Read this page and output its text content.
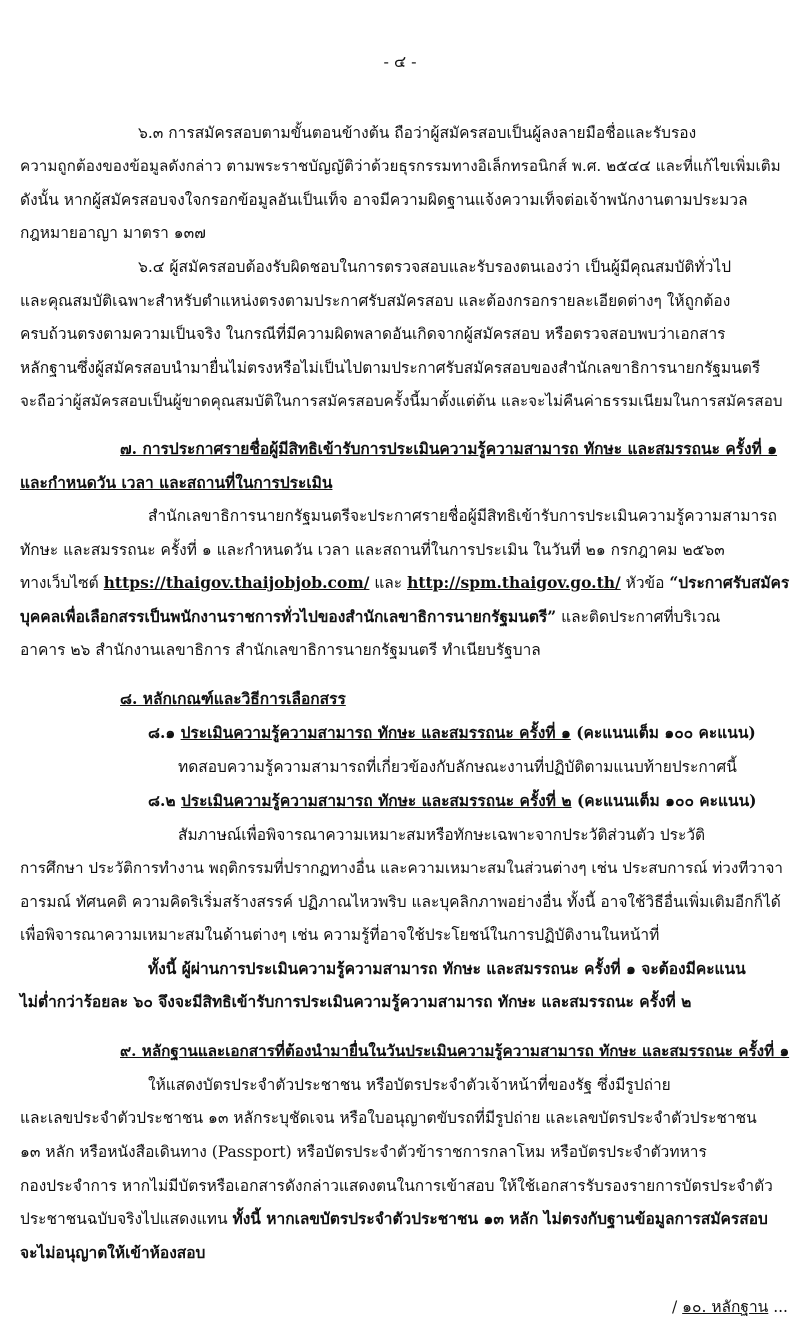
- ๔ -
๖.๓ การสมัครสอบตามขั้นตอนข้างต้น ถือว่าผู้สมัครสอบเป็นผู้ลงลายมือชื่อและรับรอง
ความถูกต้องของข้อมูลดังกล่าว ตามพระราชบัญญัติว่าด้วยธุรกรรมทางอิเล็กทรอนิกส์ พ.ศ. ๒๕๔๔ และที่แก้ไขเพิ่มเติม
ดังนั้น หากผู้สมัครสอบจงใจกรอกข้อมูลอันเป็นเท็จ อาจมีความผิดฐานแจ้งความเท็จต่อเจ้าพนักงานตามประมวล
กฎหมายอาญา มาตรา ๑๓๗
๖.๔ ผู้สมัครสอบต้องรับผิดชอบในการตรวจสอบและรับรองตนเองว่า เป็นผู้มีคุณสมบัติทั่วไป
และคุณสมบัติเฉพาะสำหรับตำแหน่งตรงตามประกาศรับสมัครสอบ และต้องกรอกรายละเอียดต่างๆ ให้ถูกต้อง
ครบถ้วนตรงตามความเป็นจริง ในกรณีที่มีความผิดพลาดอันเกิดจากผู้สมัครสอบ หรือตรวจสอบพบว่าเอกสาร
หลักฐานซึ่งผู้สมัครสอบนำมายื่นไม่ตรงหรือไม่เป็นไปตามประกาศรับสมัครสอบของสำนักเลขาธิการนายกรัฐมนตรี
จะถือว่าผู้สมัครสอบเป็นผู้ขาดคุณสมบัติในการสมัครสอบครั้งนี้มาตั้งแต่ต้น และจะไม่คืนค่าธรรมเนียมในการสมัครสอบ
๗. การประกาศรายชื่อผู้มีสิทธิเข้ารับการประเมินความรู้ความสามารถ ทักษะ และสมรรถนะ ครั้งที่ ๑
และกำหนดวัน เวลา และสถานที่ในการประเมิน
สำนักเลขาธิการนายกรัฐมนตรีจะประกาศรายชื่อผู้มีสิทธิเข้ารับการประเมินความรู้ความสามารถ
ทักษะ และสมรรถนะ ครั้งที่ ๑ และกำหนดวัน เวลา และสถานที่ในการประเมิน ในวันที่ ๒๑ กรกฎาคม ๒๕๖๓
ทางเว็บไซต์ https://thaigov.thaijobjob.com/ และ http://spm.thaigov.go.th/ หัวข้อ “ประกาศรับสมัคร
บุคคลเพื่อเลือกสรรเป็นพนักงานราชการทั่วไปของสำนักเลขาธิการนายกรัฐมนตรี” และติดประกาศที่บริเวณ
อาคาร ๒๖ สำนักงานเลขาธิการ สำนักเลขาธิการนายกรัฐมนตรี ทำเนียบรัฐบาล
๘. หลักเกณฑ์และวิธีการเลือกสรร
๘.๑ ประเมินความรู้ความสามารถ ทักษะ และสมรรถนะ ครั้งที่ ๑ (คะแนนเต็ม ๑๐๐ คะแนน)
ทดสอบความรู้ความสามารถที่เกี่ยวข้องกับลักษณะงานที่ปฏิบัติตามแนบท้ายประกาศนี้
๘.๒ ประเมินความรู้ความสามารถ ทักษะ และสมรรถนะ ครั้งที่ ๒ (คะแนนเต็ม ๑๐๐ คะแนน)
สัมภาษณ์เพื่อพิจารณาความเหมาะสมหรือทักษะเฉพาะจากประวัติส่วนตัว ประวัติ
การศึกษา ประวัติการทำงาน พฤติกรรมที่ปรากฏทางอื่น และความเหมาะสมในส่วนต่างๆ เช่น ประสบการณ์ ท่วงทีวาจา
อารมณ์ ทัศนคติ ความคิดริเริ่มสร้างสรรค์ ปฏิภาณไหวพริบ และบุคลิกภาพอย่างอื่น ทั้งนี้ อาจใช้วิธีอื่นเพิ่มเติมอีกก็ได้
เพื่อพิจารณาความเหมาะสมในด้านต่างๆ เช่น ความรู้ที่อาจใช้ประโยชน์ในการปฏิบัติงานในหน้าที่
ทั้งนี้ ผู้ผ่านการประเมินความรู้ความสามารถ ทักษะ และสมรรถนะ ครั้งที่ ๑ จะต้องมีคะแนน
ไม่ต่ำกว่าร้อยละ ๖๐ จึงจะมีสิทธิเข้ารับการประเมินความรู้ความสามารถ ทักษะ และสมรรถนะ ครั้งที่ ๒
๙. หลักฐานและเอกสารที่ต้องนำมายื่นในวันประเมินความรู้ความสามารถ ทักษะ และสมรรถนะ ครั้งที่ ๑
ให้แสดงบัตรประจำตัวประชาชน หรือบัตรประจำตัวเจ้าหน้าที่ของรัฐ ซึ่งมีรูปถ่าย
และเลขประจำตัวประชาชน ๑๓ หลักระบุชัดเจน หรือใบอนุญาตขับรถที่มีรูปถ่าย และเลขบัตรประจำตัวประชาชน
๑๓ หลัก หรือหนังสือเดินทาง (Passport) หรือบัตรประจำตัวข้าราชการกลาโหม หรือบัตรประจำตัวทหาร
กองประจำการ หากไม่มีบัตรหรือเอกสารดังกล่าวแสดงตนในการเข้าสอบ ให้ใช้เอกสารรับรองรายการบัตรประจำตัว
ประชาชนฉบับจริงไปแสดงแทน ทั้งนี้ หากเลขบัตรประจำตัวประชาชน ๑๓ หลัก ไม่ตรงกับฐานข้อมูลการสมัครสอบ
จะไม่อนุญาตให้เข้าห้องสอบ
/ ๑๐. หลักฐาน ...
